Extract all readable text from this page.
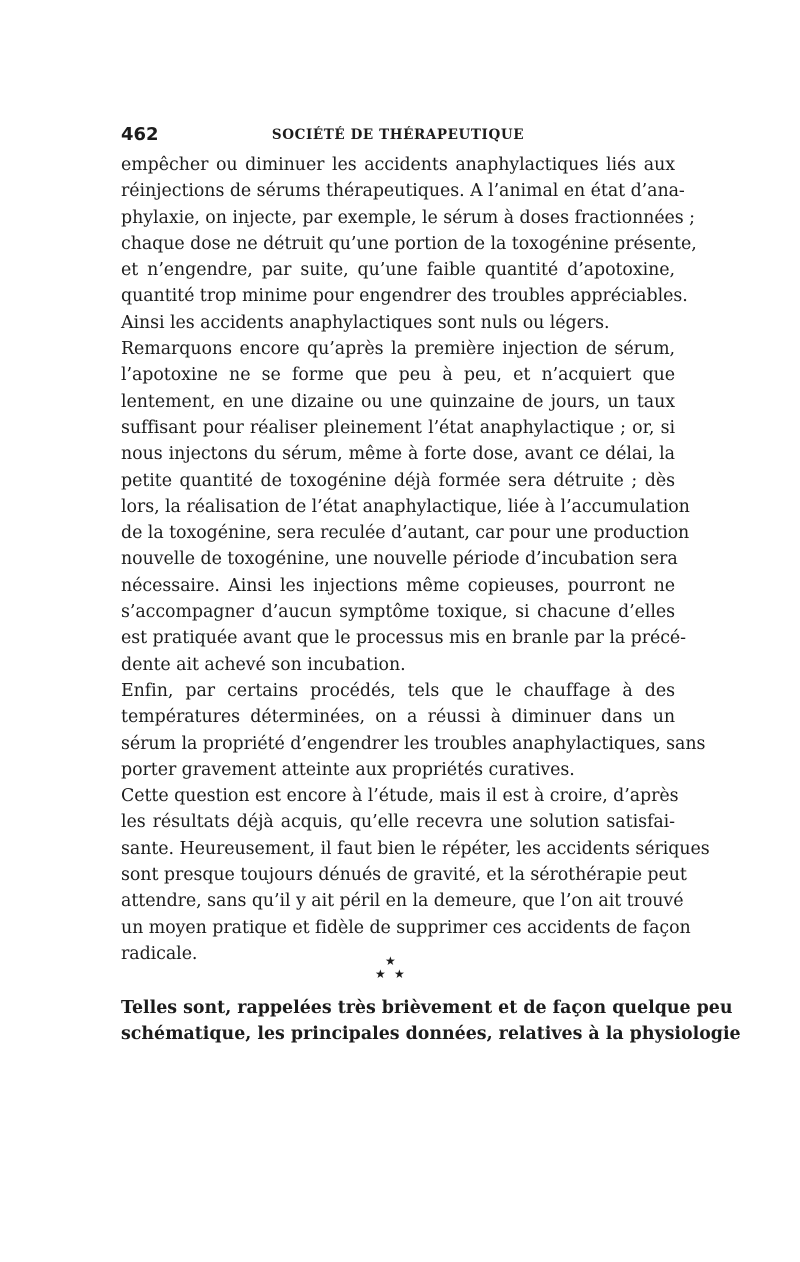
462	SOCIÉTÉ DE THÉRAPEUTIQUE
empêcher ou diminuer les accidents anaphylactiques liés aux
réinjections de sérums thérapeutiques. A l’animal en état d’ana-
phylaxie, on injecte, par exemple, le sérum à doses fractionnées ;
chaque dose ne détruit qu’une portion de la toxogénine présente,
et n’engendre, par suite, qu’une faible quantité d’apotoxine,
quantité trop minime pour engendrer des troubles appréciables.
Ainsi les accidents anaphylactiques sont nuls ou légers.
Remarquons encore qu’après la première injection de sérum,
l’apotoxine ne se forme que peu à peu, et n’acquiert que
lentement, en une dizaine ou une quinzaine de jours, un taux
suffisant pour réaliser pleinement l’état anaphylactique ; or, si
nous injectons du sérum, même à forte dose, avant ce délai, la
petite quantité de toxogénine déjà formée sera détruite ; dès
lors, la réalisation de l’état anaphylactique, liée à l’accumulation
de la toxogénine, sera reculée d’autant, car pour une production
nouvelle de toxogénine, une nouvelle période d’incubation sera
nécessaire. Ainsi les injections même copieuses, pourront ne
s’accompagner d’aucun symptôme toxique, si chacune d’elles
est pratiquée avant que le processus mis en branle par la précé-
dente ait achevé son incubation.
Enfin, par certains procédés, tels que le chauffage à des
températures déterminées, on a réussi à diminuer dans un
sérum la propriété d’engendrer les troubles anaphylactiques, sans
porter gravement atteinte aux propriétés curatives.
Cette question est encore à l’étude, mais il est à croire, d’après
les résultats déjà acquis, qu’elle recevra une solution satisfai-
sante. Heureusement, il faut bien le répéter, les accidents sériques
sont presque toujours dénués de gravité, et la sérothérapie peut
attendre, sans qu’il y ait péril en la demeure, que l’on ait trouvé
un moyen pratique et fidèle de supprimer ces accidents de façon
radicale.	★
★ ★
Telles sont, rappelées très brièvement et de façon quelque peu
schématique, les principales données, relatives à la physiologie
